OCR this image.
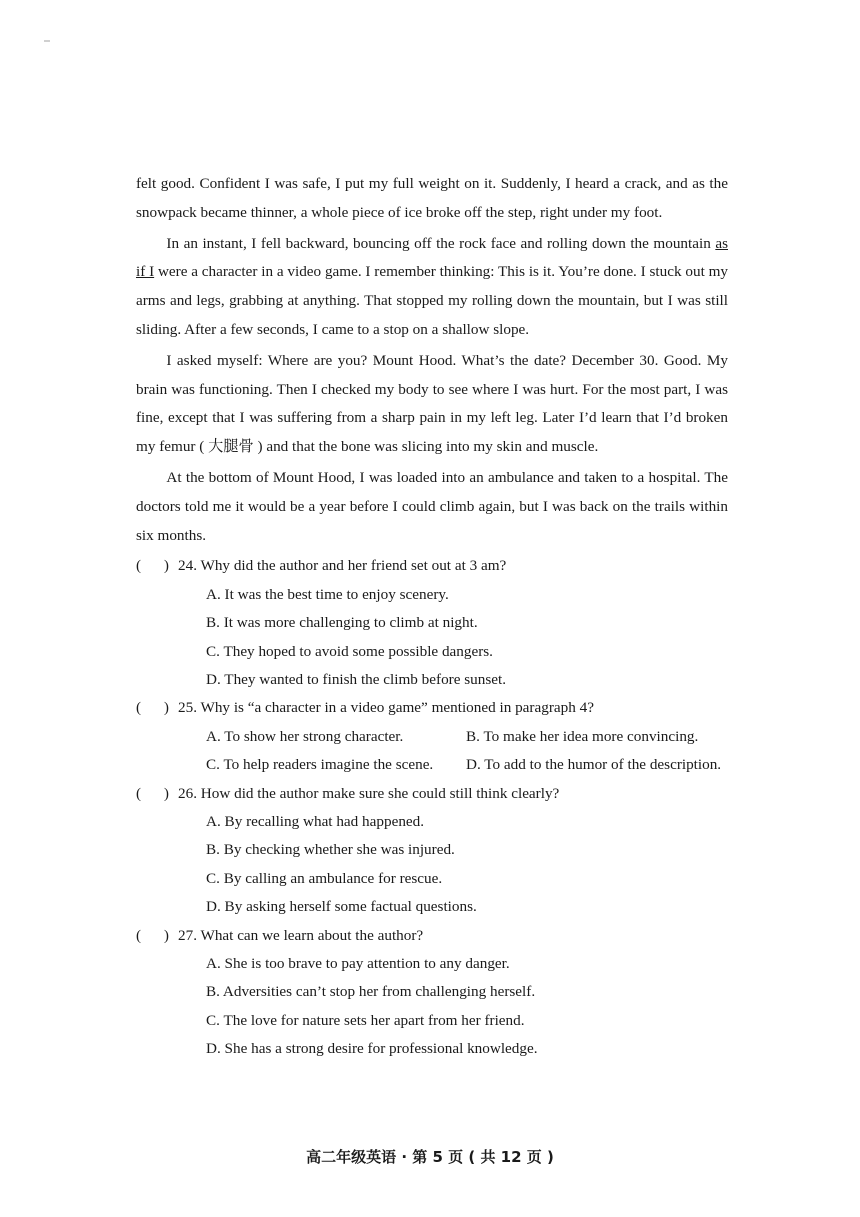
felt good. Confident I was safe, I put my full weight on it. Suddenly, I heard a crack, and as the snowpack became thinner, a whole piece of ice broke off the step, right under my foot.

In an instant, I fell backward, bouncing off the rock face and rolling down the mountain as if I were a character in a video game. I remember thinking: This is it. You’re done. I stuck out my arms and legs, grabbing at anything. That stopped my rolling down the mountain, but I was still sliding. After a few seconds, I came to a stop on a shallow slope.

I asked myself: Where are you? Mount Hood. What’s the date? December 30. Good. My brain was functioning. Then I checked my body to see where I was hurt. For the most part, I was fine, except that I was suffering from a sharp pain in my left leg. Later I’d learn that I’d broken my femur ( 大腿骨 ) and that the bone was slicing into my skin and muscle.

At the bottom of Mount Hood, I was loaded into an ambulance and taken to a hospital. The doctors told me it would be a year before I could climb again, but I was back on the trails within six months.

(      ) 24. Why did the author and her friend set out at 3 am?
A. It was the best time to enjoy scenery.
B. It was more challenging to climb at night.
C. They hoped to avoid some possible dangers.
D. They wanted to finish the climb before sunset.
(      ) 25. Why is “a character in a video game” mentioned in paragraph 4?
A. To show her strong character.	B. To make her idea more convincing.
C. To help readers imagine the scene.	D. To add to the humor of the description.
(      ) 26. How did the author make sure she could still think clearly?
A. By recalling what had happened.
B. By checking whether she was injured.
C. By calling an ambulance for rescue.
D. By asking herself some factual questions.
(      ) 27. What can we learn about the author?
A. She is too brave to pay attention to any danger.
B. Adversities can’t stop her from challenging herself.
C. The love for nature sets her apart from her friend.
D. She has a strong desire for professional knowledge.
高二年级英语 · 第 5 页 ( 共 12 页 )
